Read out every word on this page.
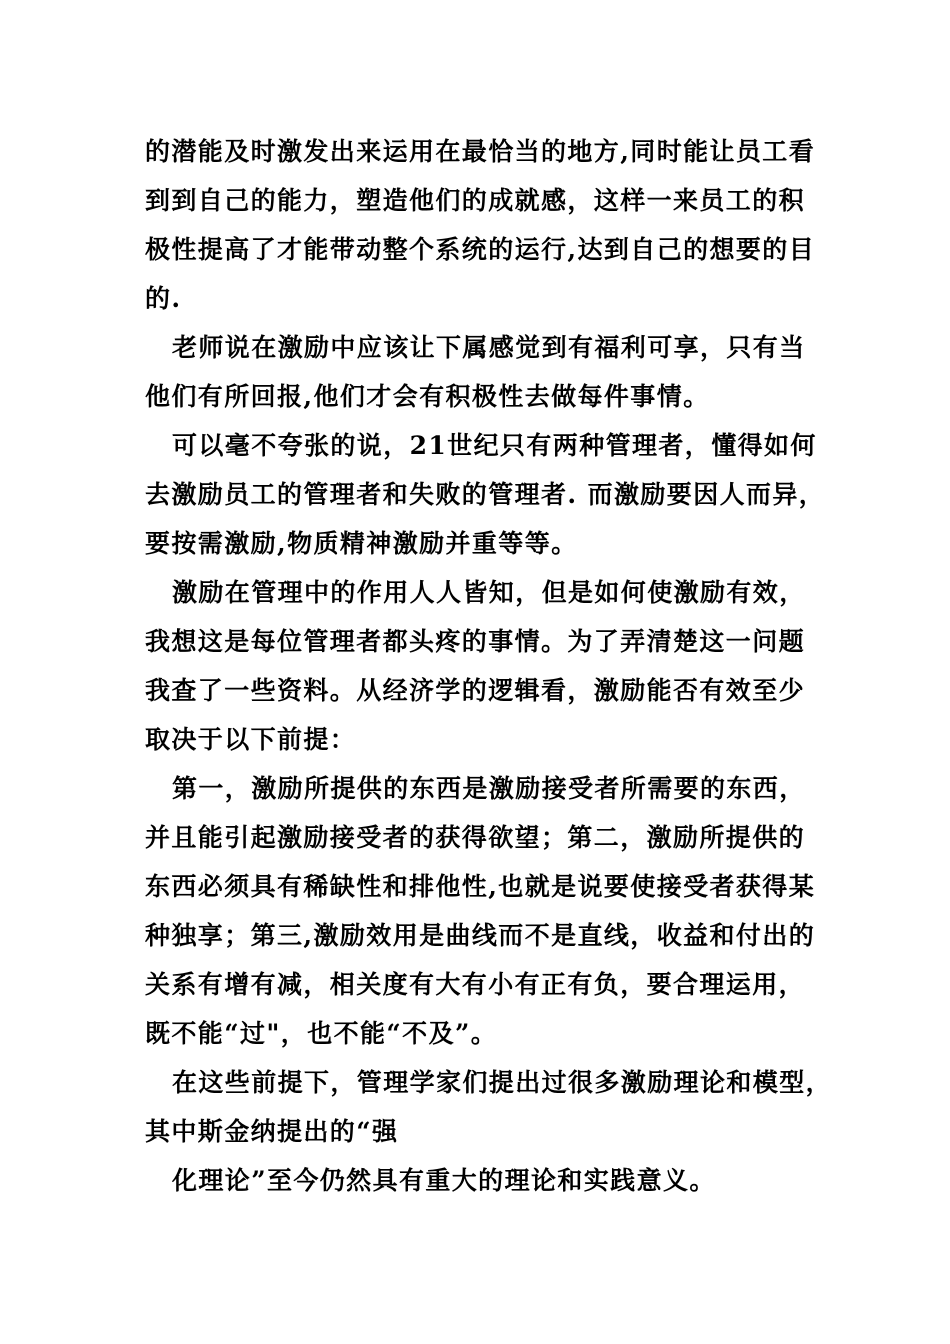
的潜能及时激发出来运用在最恰当的地方,同时能让员工看
到到自己的能力，塑造他们的成就感，这样一来员工的积
极性提高了才能带动整个系统的运行,达到自己的想要的目
的.
老师说在激励中应该让下属感觉到有福利可享，只有当
他们有所回报,他们才会有积极性去做每件事情。
可以毫不夸张的说，21世纪只有两种管理者，懂得如何
去激励员工的管理者和失败的管理者. 而激励要因人而异，
要按需激励,物质精神激励并重等等。
激励在管理中的作用人人皆知，但是如何使激励有效，
我想这是每位管理者都头疼的事情。为了弄清楚这一问题
我查了一些资料。从经济学的逻辑看，激励能否有效至少
取决于以下前提：
第一，激励所提供的东西是激励接受者所需要的东西，
并且能引起激励接受者的获得欲望；第二，激励所提供的
东西必须具有稀缺性和排他性,也就是说要使接受者获得某
种独享；第三,激励效用是曲线而不是直线，收益和付出的
关系有增有减，相关度有大有小有正有负，要合理运用，
既不能“过"，也不能“不及”。
在这些前提下，管理学家们提出过很多激励理论和模型，
其中斯金纳提出的“强
化理论”至今仍然具有重大的理论和实践意义。
